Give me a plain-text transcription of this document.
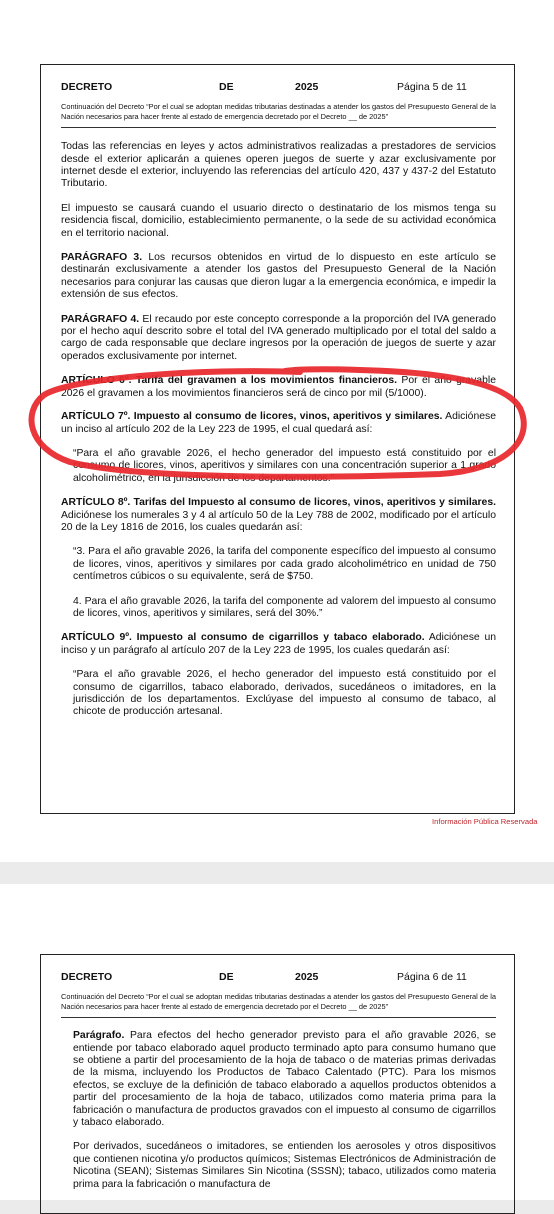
DECRETO	DE	2025	Página 5 de 11
Continuación del Decreto “Por el cual se adoptan medidas tributarias destinadas a atender los gastos del Presupuesto General de la Nación necesarios para hacer frente al estado de emergencia decretado por el Decreto __ de 2025”

Todas las referencias en leyes y actos administrativos realizadas a prestadores de servicios desde el exterior aplicarán a quienes operen juegos de suerte y azar exclusivamente por internet desde el exterior, incluyendo las referencias del artículo 420, 437 y 437-2 del Estatuto Tributario.

El impuesto se causará cuando el usuario directo o destinatario de los mismos tenga su residencia fiscal, domicilio, establecimiento permanente, o la sede de su actividad económica en el territorio nacional.

PARÁGRAFO 3. Los recursos obtenidos en virtud de lo dispuesto en este artículo se destinarán exclusivamente a atender los gastos del Presupuesto General de la Nación necesarios para conjurar las causas que dieron lugar a la emergencia económica, e impedir la extensión de sus efectos.

PARÁGRAFO 4. El recaudo por este concepto corresponde a la proporción del IVA generado por el hecho aquí descrito sobre el total del IVA generado multiplicado por el total del saldo a cargo de cada responsable que declare ingresos por la operación de juegos de suerte y azar operados exclusivamente por internet.

ARTÍCULO 6º. Tarifa del gravamen a los movimientos financieros. Por el año gravable 2026 el gravamen a los movimientos financieros será de cinco por mil (5/1000).

ARTÍCULO 7º. Impuesto al consumo de licores, vinos, aperitivos y similares. Adiciónese un inciso al artículo 202 de la Ley 223 de 1995, el cual quedará así:

“Para el año gravable 2026, el hecho generador del impuesto está constituido por el consumo de licores, vinos, aperitivos y similares con una concentración superior a 1 grado alcoholimétrico, en la jurisdicción de los departamentos.”

ARTÍCULO 8º. Tarifas del Impuesto al consumo de licores, vinos, aperitivos y similares. Adiciónese los numerales 3 y 4 al artículo 50 de la Ley 788 de 2002, modificado por el artículo 20 de la Ley 1816 de 2016, los cuales quedarán así:

“3. Para el año gravable 2026, la tarifa del componente específico del impuesto al consumo de licores, vinos, aperitivos y similares por cada grado alcoholimétrico en unidad de 750 centímetros cúbicos o su equivalente, será de $750.

4. Para el año gravable 2026, la tarifa del componente ad valorem del impuesto al consumo de licores, vinos, aperitivos y similares, será del 30%.”

ARTÍCULO 9º. Impuesto al consumo de cigarrillos y tabaco elaborado. Adiciónese un inciso y un parágrafo al artículo 207 de la Ley 223 de 1995, los cuales quedarán así:

“Para el año gravable 2026, el hecho generador del impuesto está constituido por el consumo de cigarrillos, tabaco elaborado, derivados, sucedáneos o imitadores, en la jurisdicción de los departamentos. Exclúyase del impuesto al consumo de tabaco, al chicote de producción artesanal.

Información Pública Reservada
DECRETO	DE	2025	Página 6 de 11
Continuación del Decreto “Por el cual se adoptan medidas tributarias destinadas a atender los gastos del Presupuesto General de la Nación necesarios para hacer frente al estado de emergencia decretado por el Decreto __ de 2025”

Parágrafo. Para efectos del hecho generador previsto para el año gravable 2026, se entiende por tabaco elaborado aquel producto terminado apto para consumo humano que se obtiene a partir del procesamiento de la hoja de tabaco o de materias primas derivadas de la misma, incluyendo los Productos de Tabaco Calentado (PTC). Para los mismos efectos, se excluye de la definición de tabaco elaborado a aquellos productos obtenidos a partir del procesamiento de la hoja de tabaco, utilizados como materia prima para la fabricación o manufactura de productos gravados con el impuesto al consumo de cigarrillos y tabaco elaborado.

Por derivados, sucedáneos o imitadores, se entienden los aerosoles y otros dispositivos que contienen nicotina y/o productos químicos; Sistemas Electrónicos de Administración de Nicotina (SEAN); Sistemas Similares Sin Nicotina (SSSN); tabaco, utilizados como materia prima para la fabricación o manufactura de
